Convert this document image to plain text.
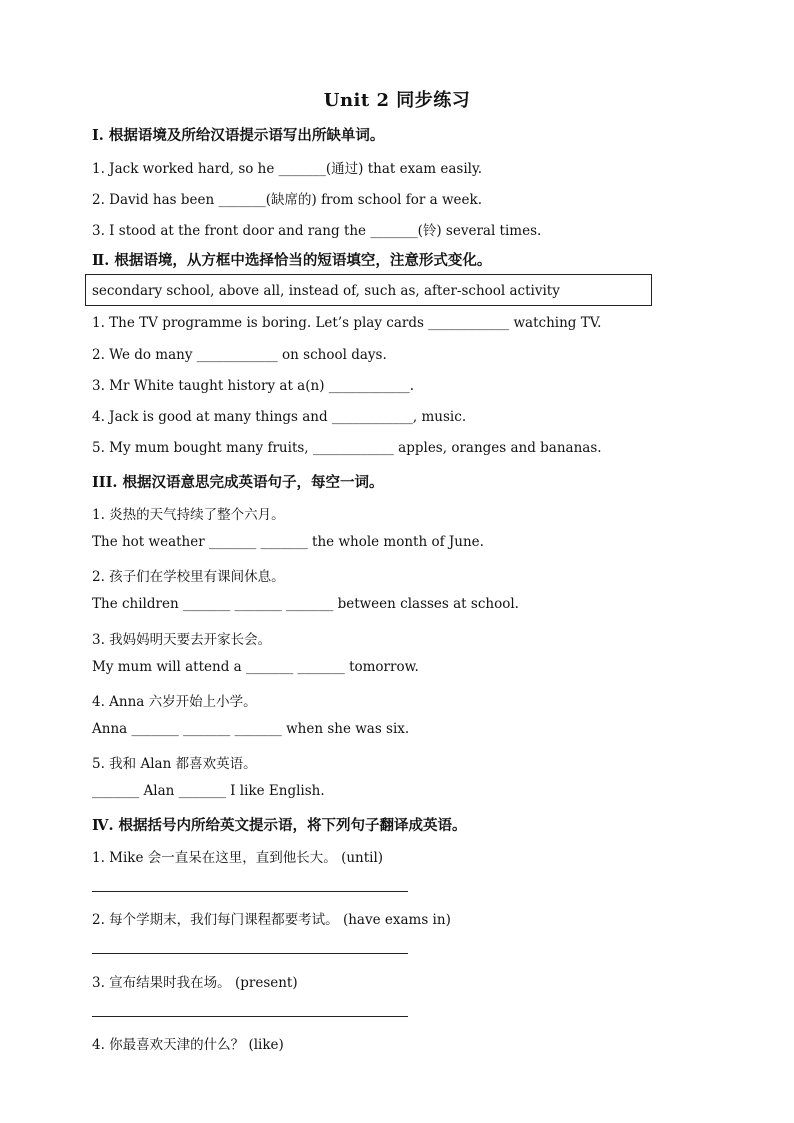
Unit 2 同步练习
Ⅰ. 根据语境及所给汉语提示语写出所缺单词。
1. Jack worked hard, so he _______(通过) that exam easily.
2. David has been _______(缺席的) from school for a week.
3. I stood at the front door and rang the _______(铃) several times.
Ⅱ. 根据语境，从方框中选择恰当的短语填空，注意形式变化。
secondary school, above all, instead of, such as, after-school activity
1. The TV programme is boring. Let’s play cards ____________ watching TV.
2. We do many ____________ on school days.
3. Mr White taught history at a(n) ____________.
4. Jack is good at many things and ____________, music.
5. My mum bought many fruits, ____________ apples, oranges and bananas.
III. 根据汉语意思完成英语句子，每空一词。
1. 炎热的天气持续了整个六月。
The hot weather _______ _______ the whole month of June.
2. 孩子们在学校里有课间休息。
The children _______ _______ _______ between classes at school.
3. 我妈妈明天要去开家长会。
My mum will attend a _______ _______ tomorrow.
4. Anna 六岁开始上小学。
Anna _______ _______ _______ when she was six.
5. 我和 Alan 都喜欢英语。
_______ Alan _______ I like English.
Ⅳ. 根据括号内所给英文提示语，将下列句子翻译成英语。
1. Mike 会一直呆在这里，直到他长大。 (until)
2. 每个学期末，我们每门课程都要考试。 (have exams in)
3. 宣布结果时我在场。 (present)
4. 你最喜欢天津的什么？ (like)
